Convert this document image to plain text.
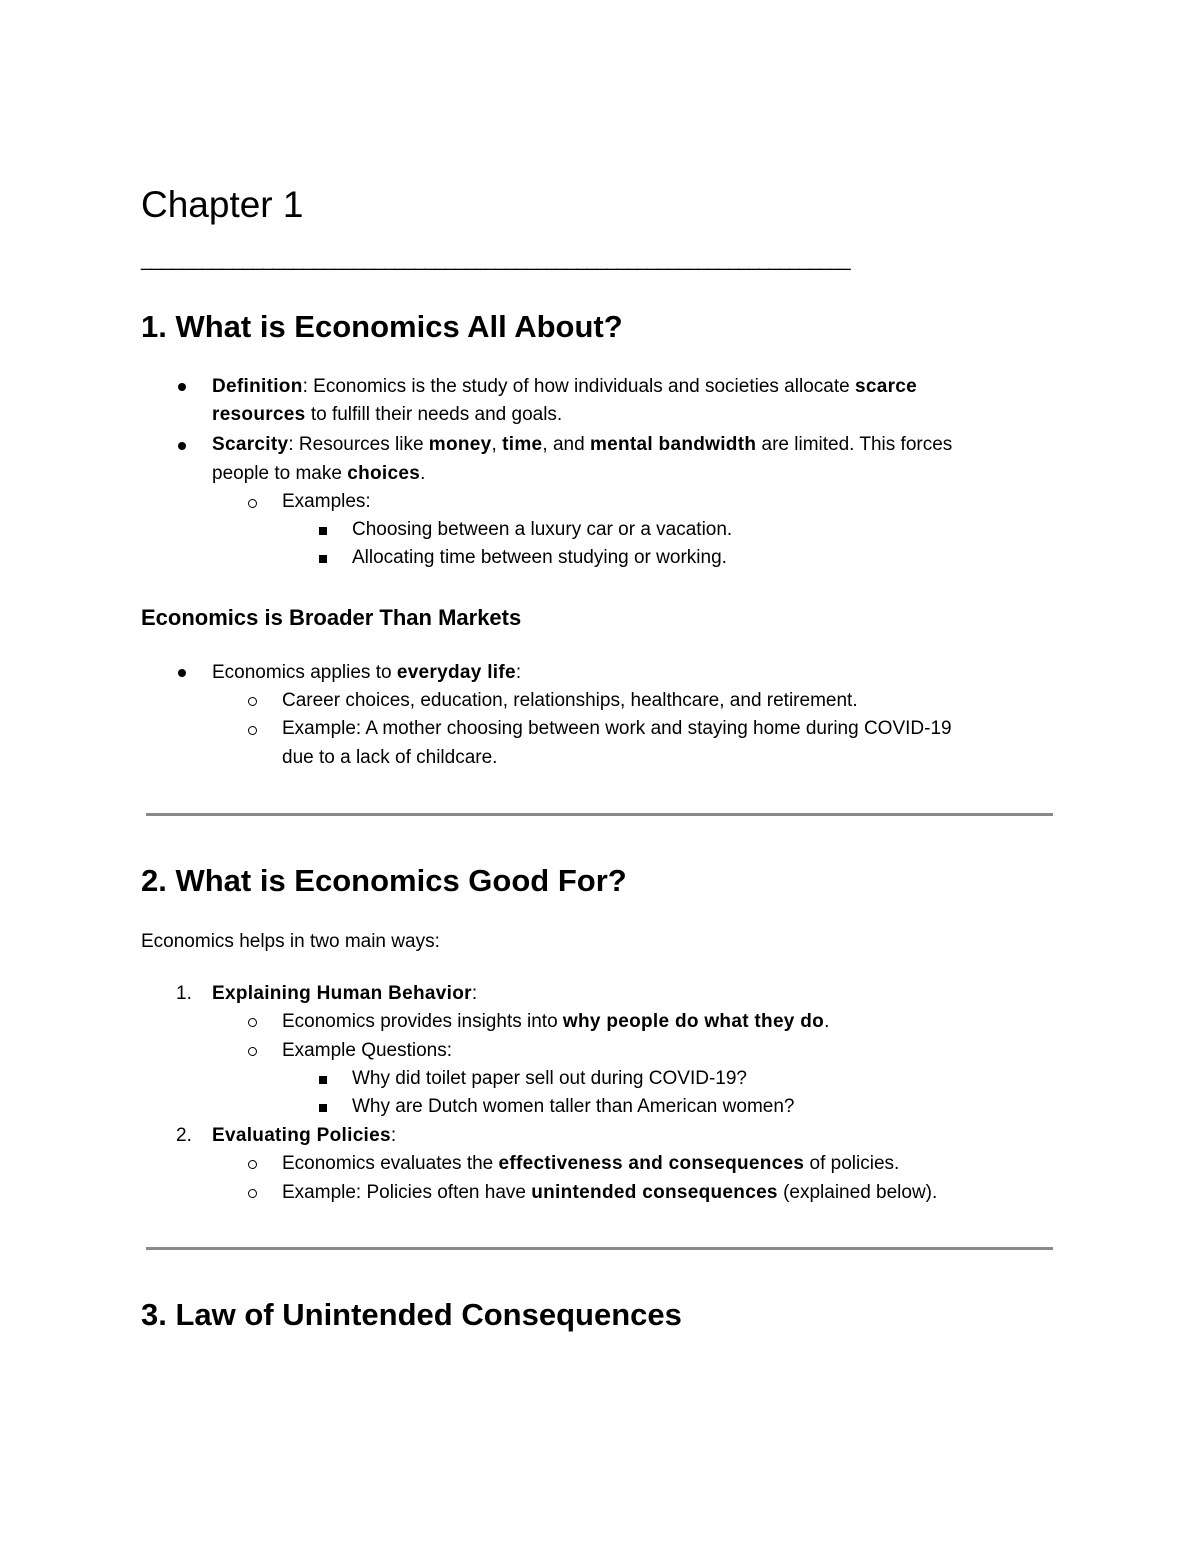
Chapter 1
______________________________________________________________________
1. What is Economics All About?

Definition: Economics is the study of how individuals and societies allocate scarce

resources to fulfill their needs and goals.

Scarcity: Resources like money, time, and mental bandwidth are limited. This forces

people to make choices.

Examples:

Choosing between a luxury car or a vacation.

Allocating time between studying or working.

Economics is Broader Than Markets

Economics applies to everyday life:

Career choices, education, relationships, healthcare, and retirement.

Example: A mother choosing between work and staying home during COVID-19

due to a lack of childcare.

2. What is Economics Good For?

Economics helps in two main ways:

1. Explaining Human Behavior:

Economics provides insights into why people do what they do.

Example Questions:

Why did toilet paper sell out during COVID-19?

Why are Dutch women taller than American women?

2. Evaluating Policies:

Economics evaluates the effectiveness and consequences of policies.

Example: Policies often have unintended consequences (explained below).

3. Law of Unintended Consequences
